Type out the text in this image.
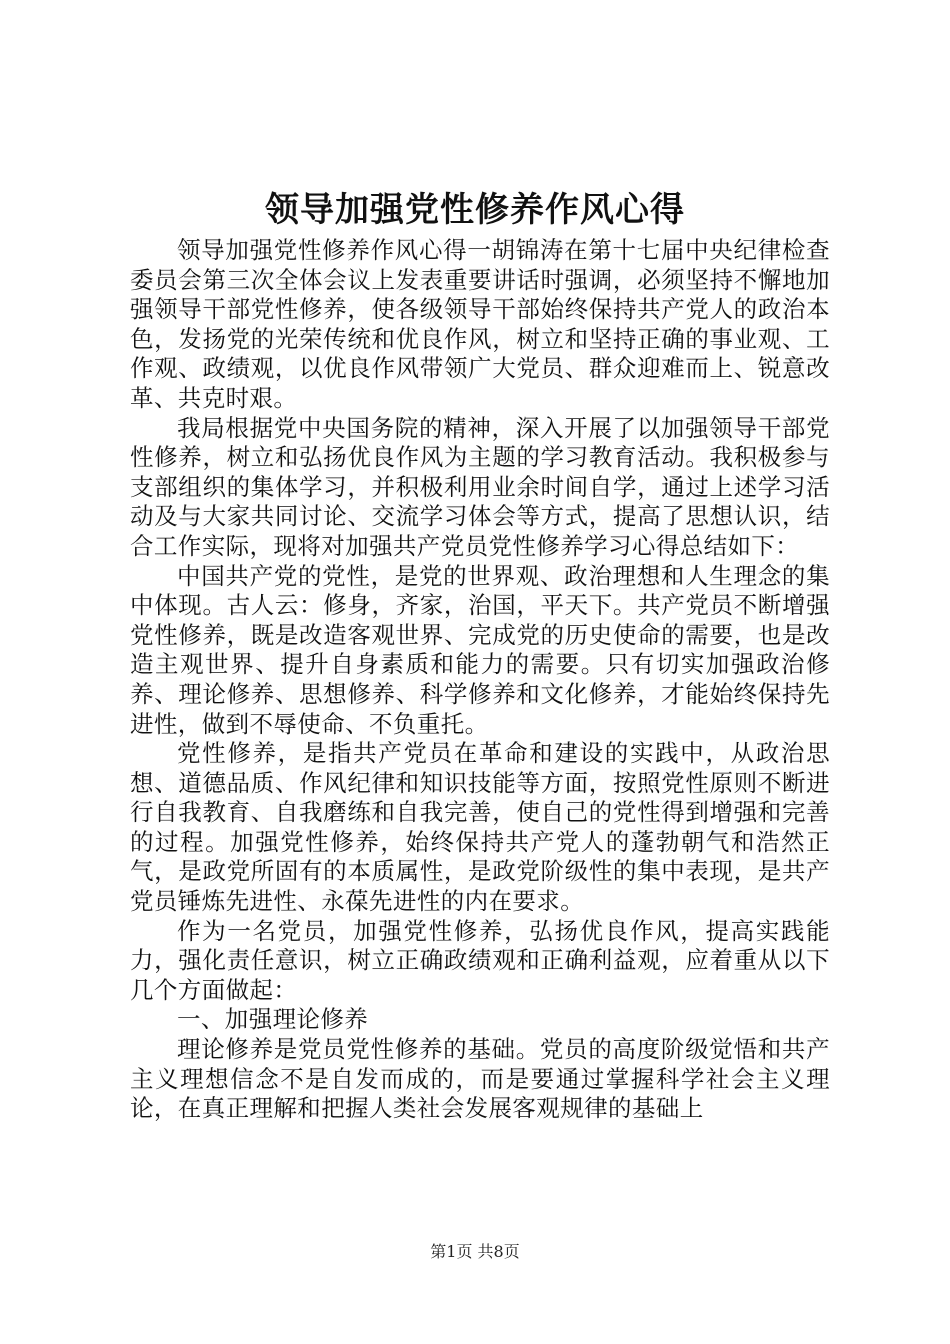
领导加强党性修养作风心得

领导加强党性修养作风心得一胡锦涛在第十七届中央纪律检查委员会第三次全体会议上发表重要讲话时强调，必须坚持不懈地加强领导干部党性修养，使各级领导干部始终保持共产党人的政治本色，发扬党的光荣传统和优良作风，树立和坚持正确的事业观、工作观、政绩观，以优良作风带领广大党员、群众迎难而上、锐意改革、共克时艰。

我局根据党中央国务院的精神，深入开展了以加强领导干部党性修养，树立和弘扬优良作风为主题的学习教育活动。我积极参与支部组织的集体学习，并积极利用业余时间自学，通过上述学习活动及与大家共同讨论、交流学习体会等方式，提高了思想认识，结合工作实际，现将对加强共产党员党性修养学习心得总结如下：

中国共产党的党性，是党的世界观、政治理想和人生理念的集中体现。古人云：修身，齐家，治国，平天下。共产党员不断增强党性修养，既是改造客观世界、完成党的历史使命的需要，也是改造主观世界、提升自身素质和能力的需要。只有切实加强政治修养、理论修养、思想修养、科学修养和文化修养，才能始终保持先进性，做到不辱使命、不负重托。

党性修养，是指共产党员在革命和建设的实践中，从政治思想、道德品质、作风纪律和知识技能等方面，按照党性原则不断进行自我教育、自我磨练和自我完善，使自己的党性得到增强和完善的过程。加强党性修养，始终保持共产党人的蓬勃朝气和浩然正气，是政党所固有的本质属性，是政党阶级性的集中表现，是共产党员锤炼先进性、永葆先进性的内在要求。

作为一名党员，加强党性修养，弘扬优良作风，提高实践能力，强化责任意识，树立正确政绩观和正确利益观，应着重从以下几个方面做起：

一、加强理论修养

理论修养是党员党性修养的基础。党员的高度阶级觉悟和共产主义理想信念不是自发而成的，而是要通过掌握科学社会主义理论，在真正理解和把握人类社会发展客观规律的基础上

第1页 共8页
